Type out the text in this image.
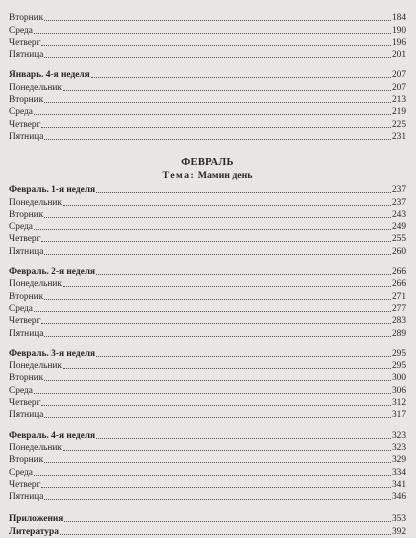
Вторник	184
Среда	190
Четверг	196
Пятница	201
Январь. 4-я неделя	207
Понедельник	207
Вторник	213
Среда	219
Четверг	225
Пятница	231
ФЕВРАЛЬ
Тема: Мамин день
Февраль. 1-я неделя	237
Понедельник	237
Вторник	243
Среда	249
Четверг	255
Пятница	260
Февраль. 2-я неделя	266
Понедельник	266
Вторник	271
Среда	277
Четверг	283
Пятница	289
Февраль. 3-я неделя	295
Понедельник	295
Вторник	300
Среда	306
Четверг	312
Пятница	317
Февраль. 4-я неделя	323
Понедельник	323
Вторник	329
Среда	334
Четверг	341
Пятница	346
Приложения	353
Литература	392
